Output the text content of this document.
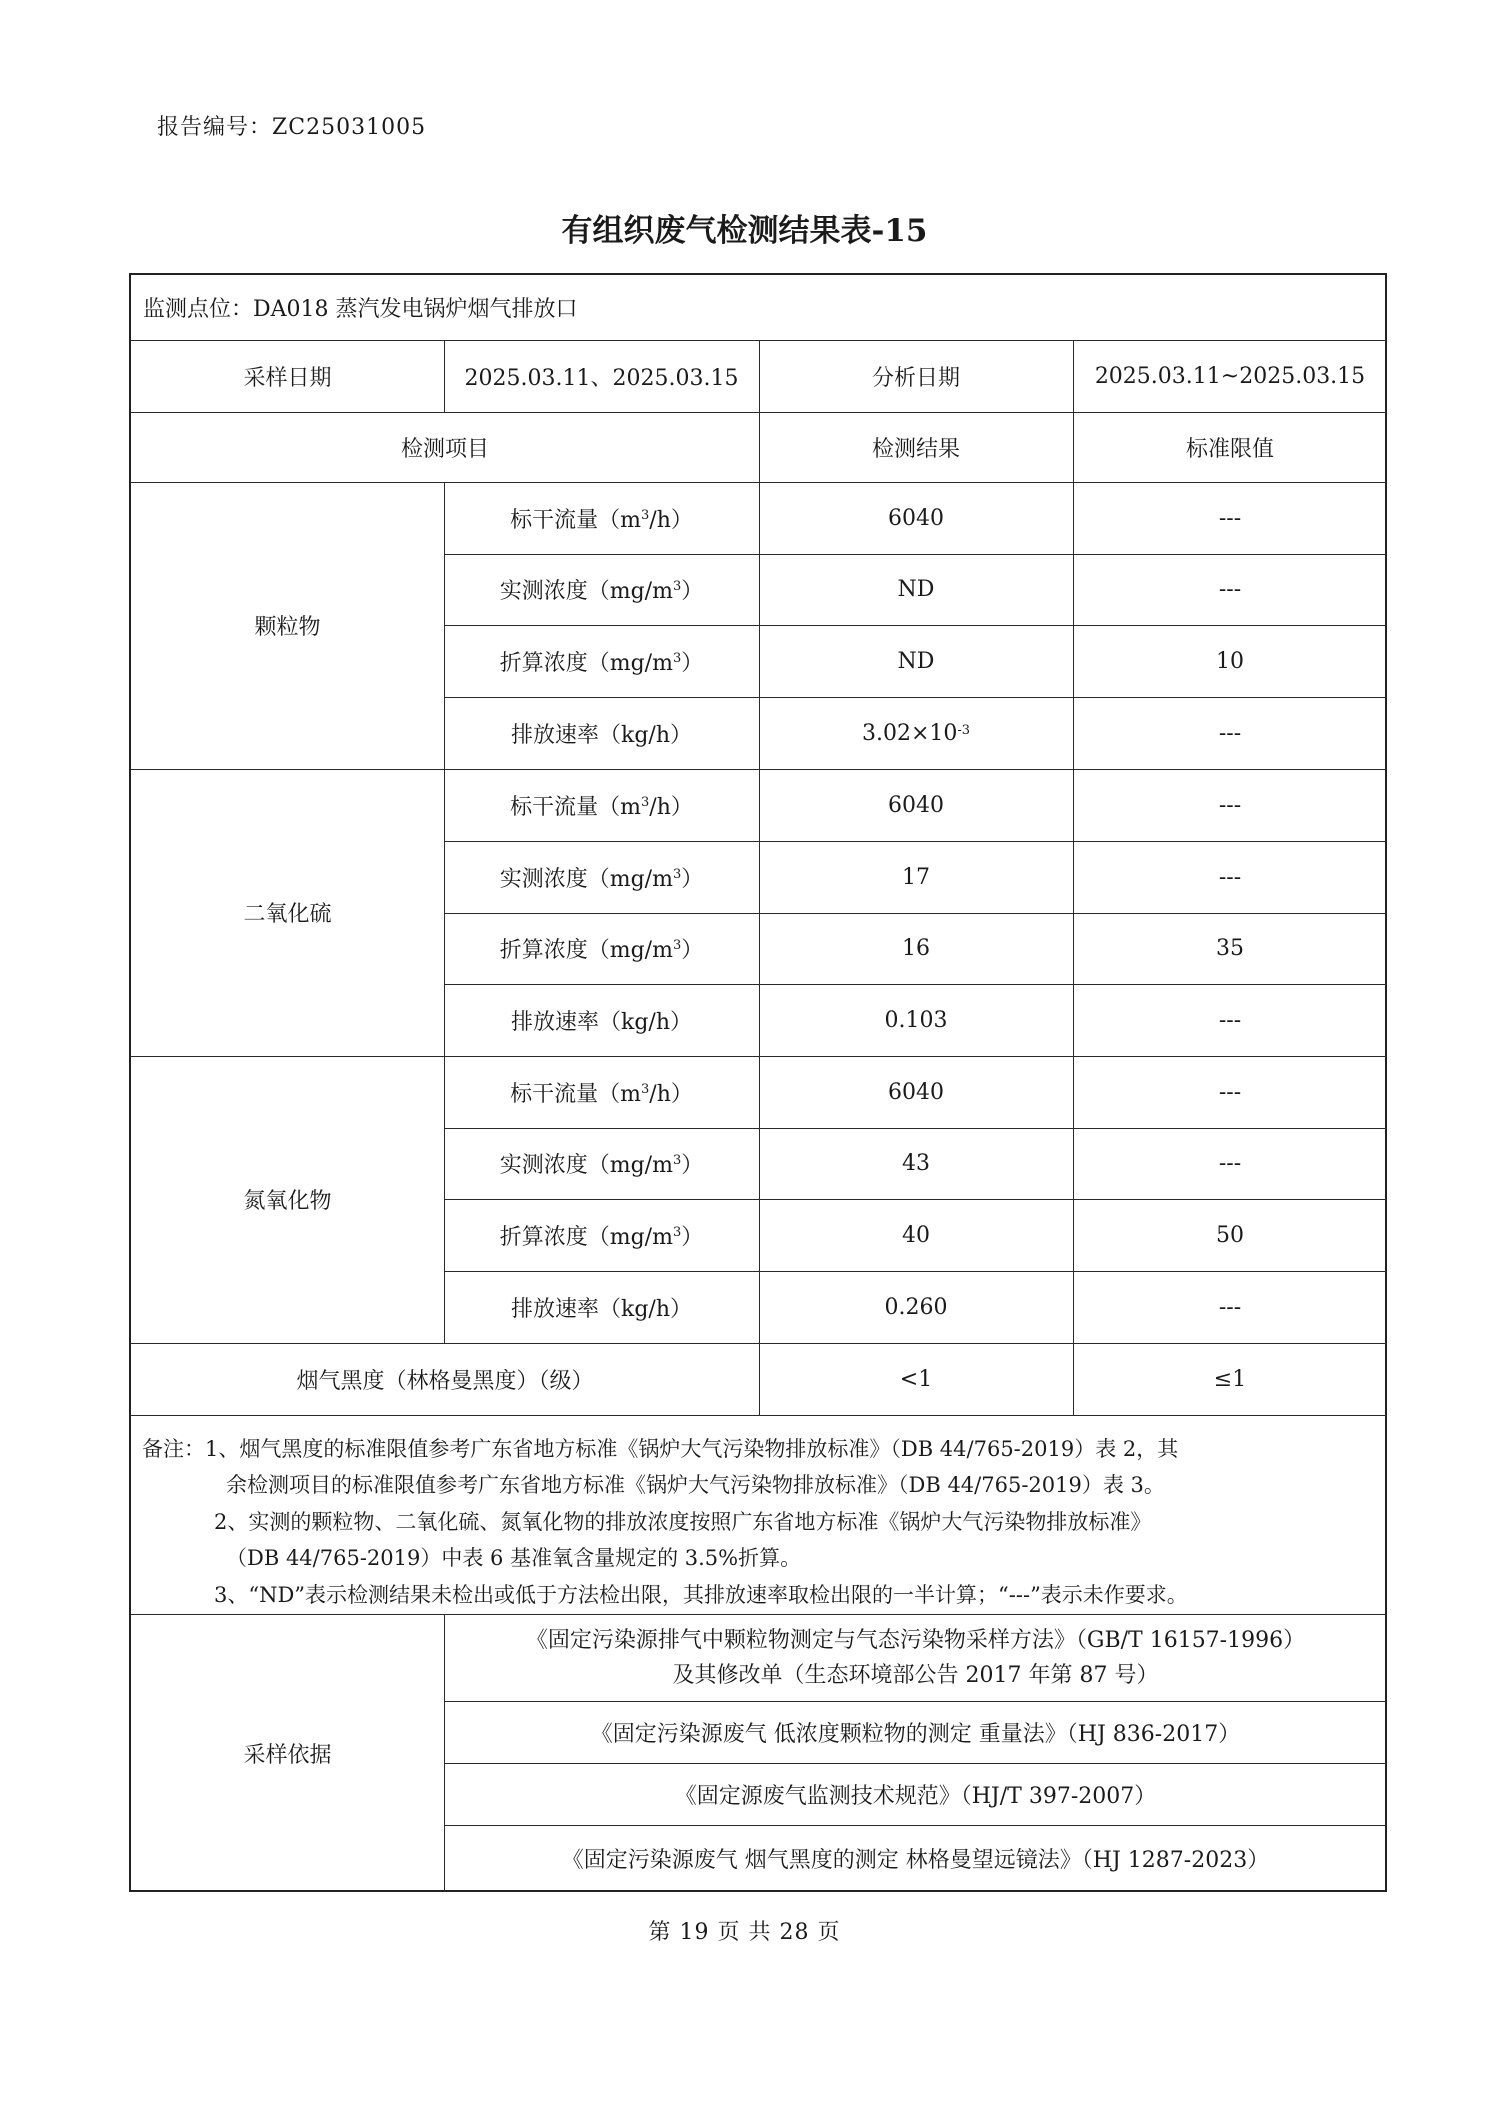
报告编号：ZC25031005
有组织废气检测结果表-15
监测点位：DA018 蒸汽发电锅炉烟气排放口
采样日期	2025.03.11、2025.03.15	分析日期	2025.03.11~2025.03.15
检测项目	检测结果	标准限值
颗粒物
标干流量（$m^3$ /h）	6040	---
实测浓度（$mg/m^3$ ）	ND	---
折算浓度（$mg/m^3$ ）	ND	10
排放速率（kg/h）	$3.02\times 10^{-3}$	---
二氧化硫
标干流量（$m^3$ /h）	6040	---
实测浓度（$mg/m^3$ ）	17	---
折算浓度（$mg/m^3$ ）	16	35
排放速率（kg/h）	0.103	---
氮氧化物
标干流量（$m^3$ /h）	6040	---
实测浓度（$mg/m^3$ ）	43	---
折算浓度（$mg/m^3$ ）	40	50
排放速率（kg/h）	0.260	---
烟气黑度（林格曼黑度）（级）	<1	≤1
备注：1、烟气黑度的标准限值参考广东省地方标准《锅炉大气污染物排放标准》（DB 44/765-2019）表 2，其
余检测项目的标准限值参考广东省地方标准《锅炉大气污染物排放标准》（DB 44/765-2019）表 3。
2、实测的颗粒物、二氧化硫、氮氧化物的排放浓度按照广东省地方标准《锅炉大气污染物排放标准》
（DB 44/765-2019）中表 6 基准氧含量规定的 3.5%折算。
3、“ND”表示检测结果未检出或低于方法检出限，其排放速率取检出限的一半计算；“---”表示未作要求。
采样依据
《固定污染源排气中颗粒物测定与气态污染物采样方法》（GB/T 16157-1996）
及其修改单（生态环境部公告 2017 年第 87 号）
《固定污染源废气 低浓度颗粒物的测定 重量法》（HJ 836-2017）
《固定源废气监测技术规范》（HJ/T 397-2007）
《固定污染源废气 烟气黑度的测定 林格曼望远镜法》（HJ 1287-2023）
第 19 页 共 28 页
